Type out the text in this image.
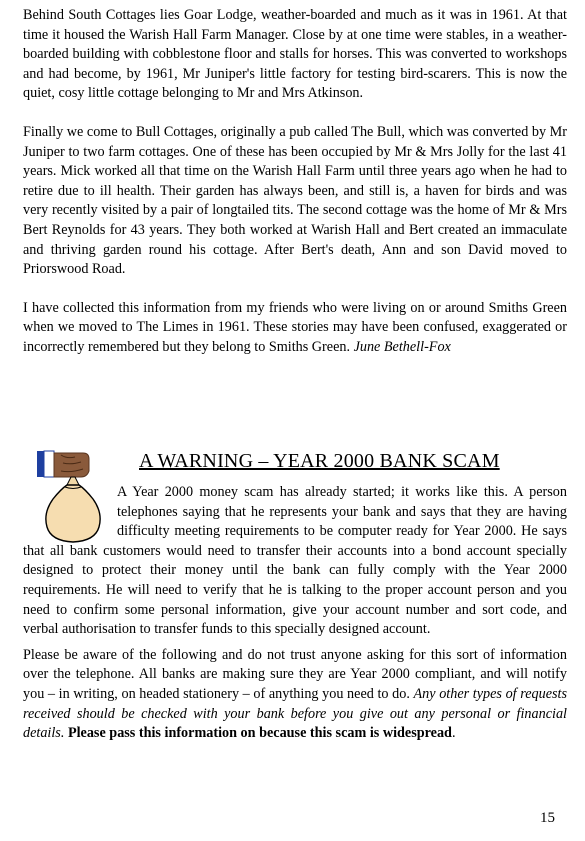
Behind South Cottages lies Goar Lodge, weather-boarded and much as it was in 1961. At that time it housed the Warish Hall Farm Manager. Close by at one time were stables, in a weather-boarded building with cobblestone floor and stalls for horses. This was converted to workshops and had become, by 1961, Mr Juniper's little factory for testing bird-scarers. This is now the quiet, cosy little cottage belonging to Mr and Mrs Atkinson.

Finally we come to Bull Cottages, originally a pub called The Bull, which was converted by Mr Juniper to two farm cottages. One of these has been occupied by Mr & Mrs Jolly for the last 41 years. Mick worked all that time on the Warish Hall Farm until three years ago when he had to retire due to ill health. Their garden has always been, and still is, a haven for birds and was very recently visited by a pair of longtailed tits. The second cottage was the home of Mr & Mrs Bert Reynolds for 43 years. They both worked at Warish Hall and Bert created an immaculate and thriving garden round his cottage. After Bert's death, Ann and son David moved to Priorswood Road.

I have collected this information from my friends who were living on or around Smiths Green when we moved to The Limes in 1961. These stories may have been confused, exaggerated or incorrectly remembered but they belong to Smiths Green. June Bethell-Fox

A WARNING – YEAR 2000 BANK SCAM

A Year 2000 money scam has already started; it works like this. A person telephones saying that he represents your bank and says that they are having difficulty meeting requirements to be computer ready for Year 2000. He says that all bank customers would need to transfer their accounts into a bond account specially designed to protect their money until the bank can fully comply with the Year 2000 requirements. He will need to verify that he is talking to the proper account person and you need to confirm some personal information, give your account number and sort code, and verbal authorisation to transfer funds to this specially designed account.

Please be aware of the following and do not trust anyone asking for this sort of information over the telephone. All banks are making sure they are Year 2000 compliant, and will notify you – in writing, on headed stationery – of anything you need to do. Any other types of requests received should be checked with your bank before you give out any personal or financial details. Please pass this information on because this scam is widespread.

15
